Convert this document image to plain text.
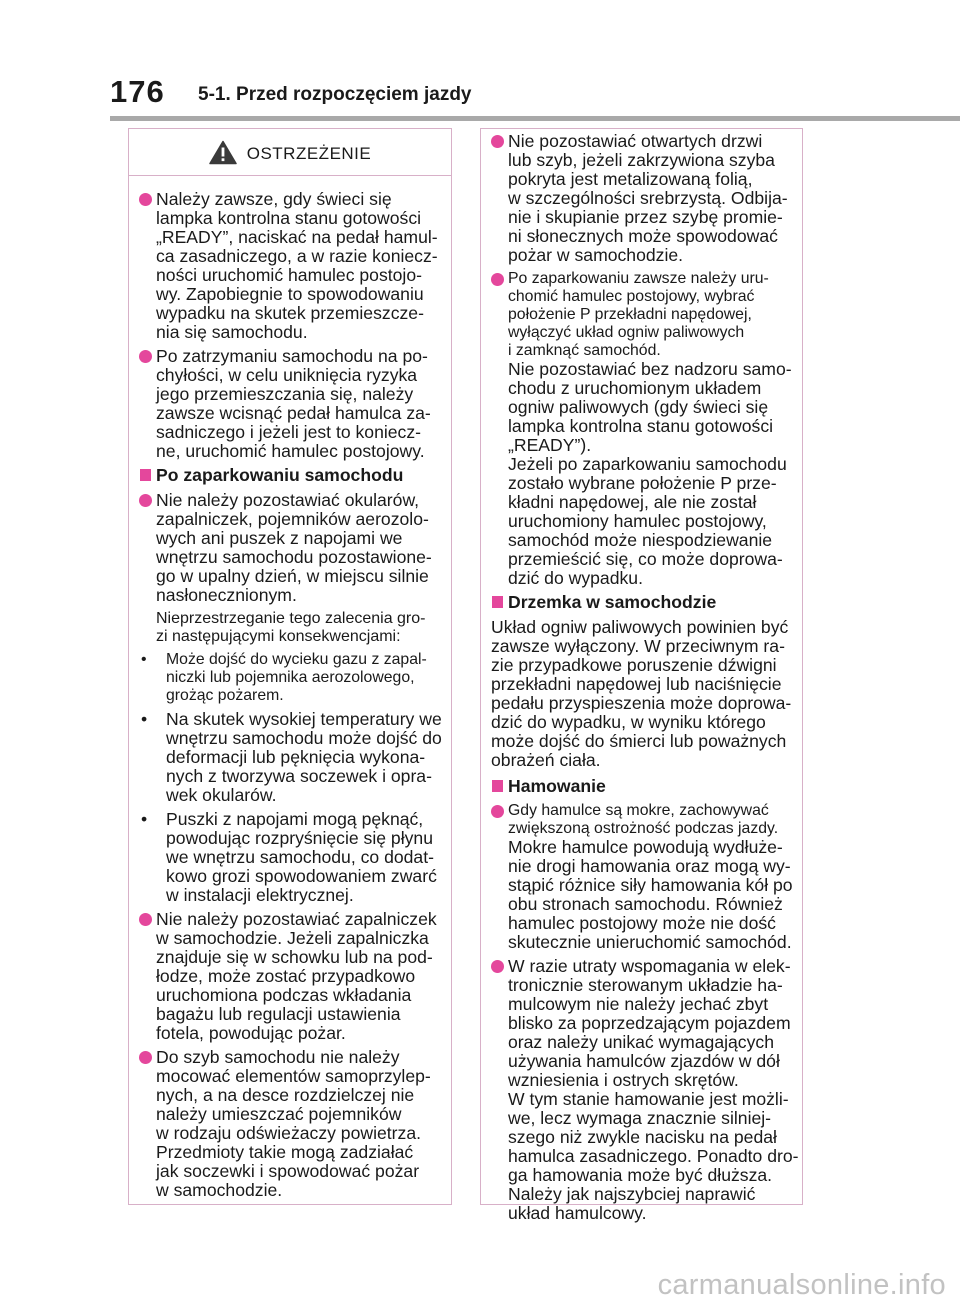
176 5-1. Przed rozpoczęciem jazdy
OSTRZEŻENIE
Należy zawsze, gdy świeci się
lampka kontrolna stanu gotowości
„READY”, naciskać na pedał hamul-
ca zasadniczego, a w razie koniecz-
ności uruchomić hamulec postojo-
wy. Zapobiegnie to spowodowaniu
wypadku na skutek przemieszcze-
nia się samochodu.
Po zatrzymaniu samochodu na po-
chyłości, w celu uniknięcia ryzyka
jego przemieszczania się, należy
zawsze wcisnąć pedał hamulca za-
sadniczego i jeżeli jest to koniecz-
ne, uruchomić hamulec postojowy.
Po zaparkowaniu samochodu
Nie należy pozostawiać okularów,
zapalniczek, pojemników aerozolo-
wych ani puszek z napojami we
wnętrzu samochodu pozostawione-
go w upalny dzień, w miejscu silnie
nasłonecznionym.
Nieprzestrzeganie tego zalecenia gro-
zi następującymi konsekwencjami:
• Może dojść do wycieku gazu z zapal-
niczki lub pojemnika aerozolowego,
grożąc pożarem.
• Na skutek wysokiej temperatury we
wnętrzu samochodu może dojść do
deformacji lub pęknięcia wykona-
nych z tworzywa soczewek i opra-
wek okularów.
• Puszki z napojami mogą pęknąć,
powodując rozpryśnięcie się płynu
we wnętrzu samochodu, co dodat-
kowo grozi spowodowaniem zwarć
w instalacji elektrycznej.
Nie należy pozostawiać zapalniczek
w samochodzie. Jeżeli zapalniczka
znajduje się w schowku lub na pod-
łodze, może zostać przypadkowo
uruchomiona podczas wkładania
bagażu lub regulacji ustawienia
fotela, powodując pożar.
Do szyb samochodu nie należy
mocować elementów samoprzylep-
nych, a na desce rozdzielczej nie
należy umieszczać pojemników
w rodzaju odświeżaczy powietrza.
Przedmioty takie mogą zadziałać
jak soczewki i spowodować pożar
w samochodzie.
Nie pozostawiać otwartych drzwi
lub szyb, jeżeli zakrzywiona szyba
pokryta jest metalizowaną folią,
w szczególności srebrzystą. Odbija-
nie i skupianie przez szybę promie-
ni słonecznych może spowodować
pożar w samochodzie.
Po zaparkowaniu zawsze należy uru-
chomić hamulec postojowy, wybrać
położenie P przekładni napędowej,
wyłączyć układ ogniw paliwowych
i zamknąć samochód.
Nie pozostawiać bez nadzoru samo-
chodu z uruchomionym układem
ogniw paliwowych (gdy świeci się
lampka kontrolna stanu gotowości
„READY”).
Jeżeli po zaparkowaniu samochodu
zostało wybrane położenie P prze-
kładni napędowej, ale nie został
uruchomiony hamulec postojowy,
samochód może niespodziewanie
przemieścić się, co może doprowa-
dzić do wypadku.
Drzemka w samochodzie
Układ ogniw paliwowych powinien być
zawsze wyłączony. W przeciwnym ra-
zie przypadkowe poruszenie dźwigni
przekładni napędowej lub naciśnięcie
pedału przyspieszenia może doprowa-
dzić do wypadku, w wyniku którego
może dojść do śmierci lub poważnych
obrażeń ciała.
Hamowanie
Gdy hamulce są mokre, zachowywać
zwiększoną ostrożność podczas jazdy.
Mokre hamulce powodują wydłuże-
nie drogi hamowania oraz mogą wy-
stąpić różnice siły hamowania kół po
obu stronach samochodu. Również
hamulec postojowy może nie dość
skutecznie unieruchomić samochód.
W razie utraty wspomagania w elek-
tronicznie sterowanym układzie ha-
mulcowym nie należy jechać zbyt
blisko za poprzedzającym pojazdem
oraz należy unikać wymagających
używania hamulców zjazdów w dół
wzniesienia i ostrych skrętów.
W tym stanie hamowanie jest możli-
we, lecz wymaga znacznie silniej-
szego niż zwykle nacisku na pedał
hamulca zasadniczego. Ponadto dro-
ga hamowania może być dłuższa.
Należy jak najszybciej naprawić
układ hamulcowy.
carmanualsonline.info
